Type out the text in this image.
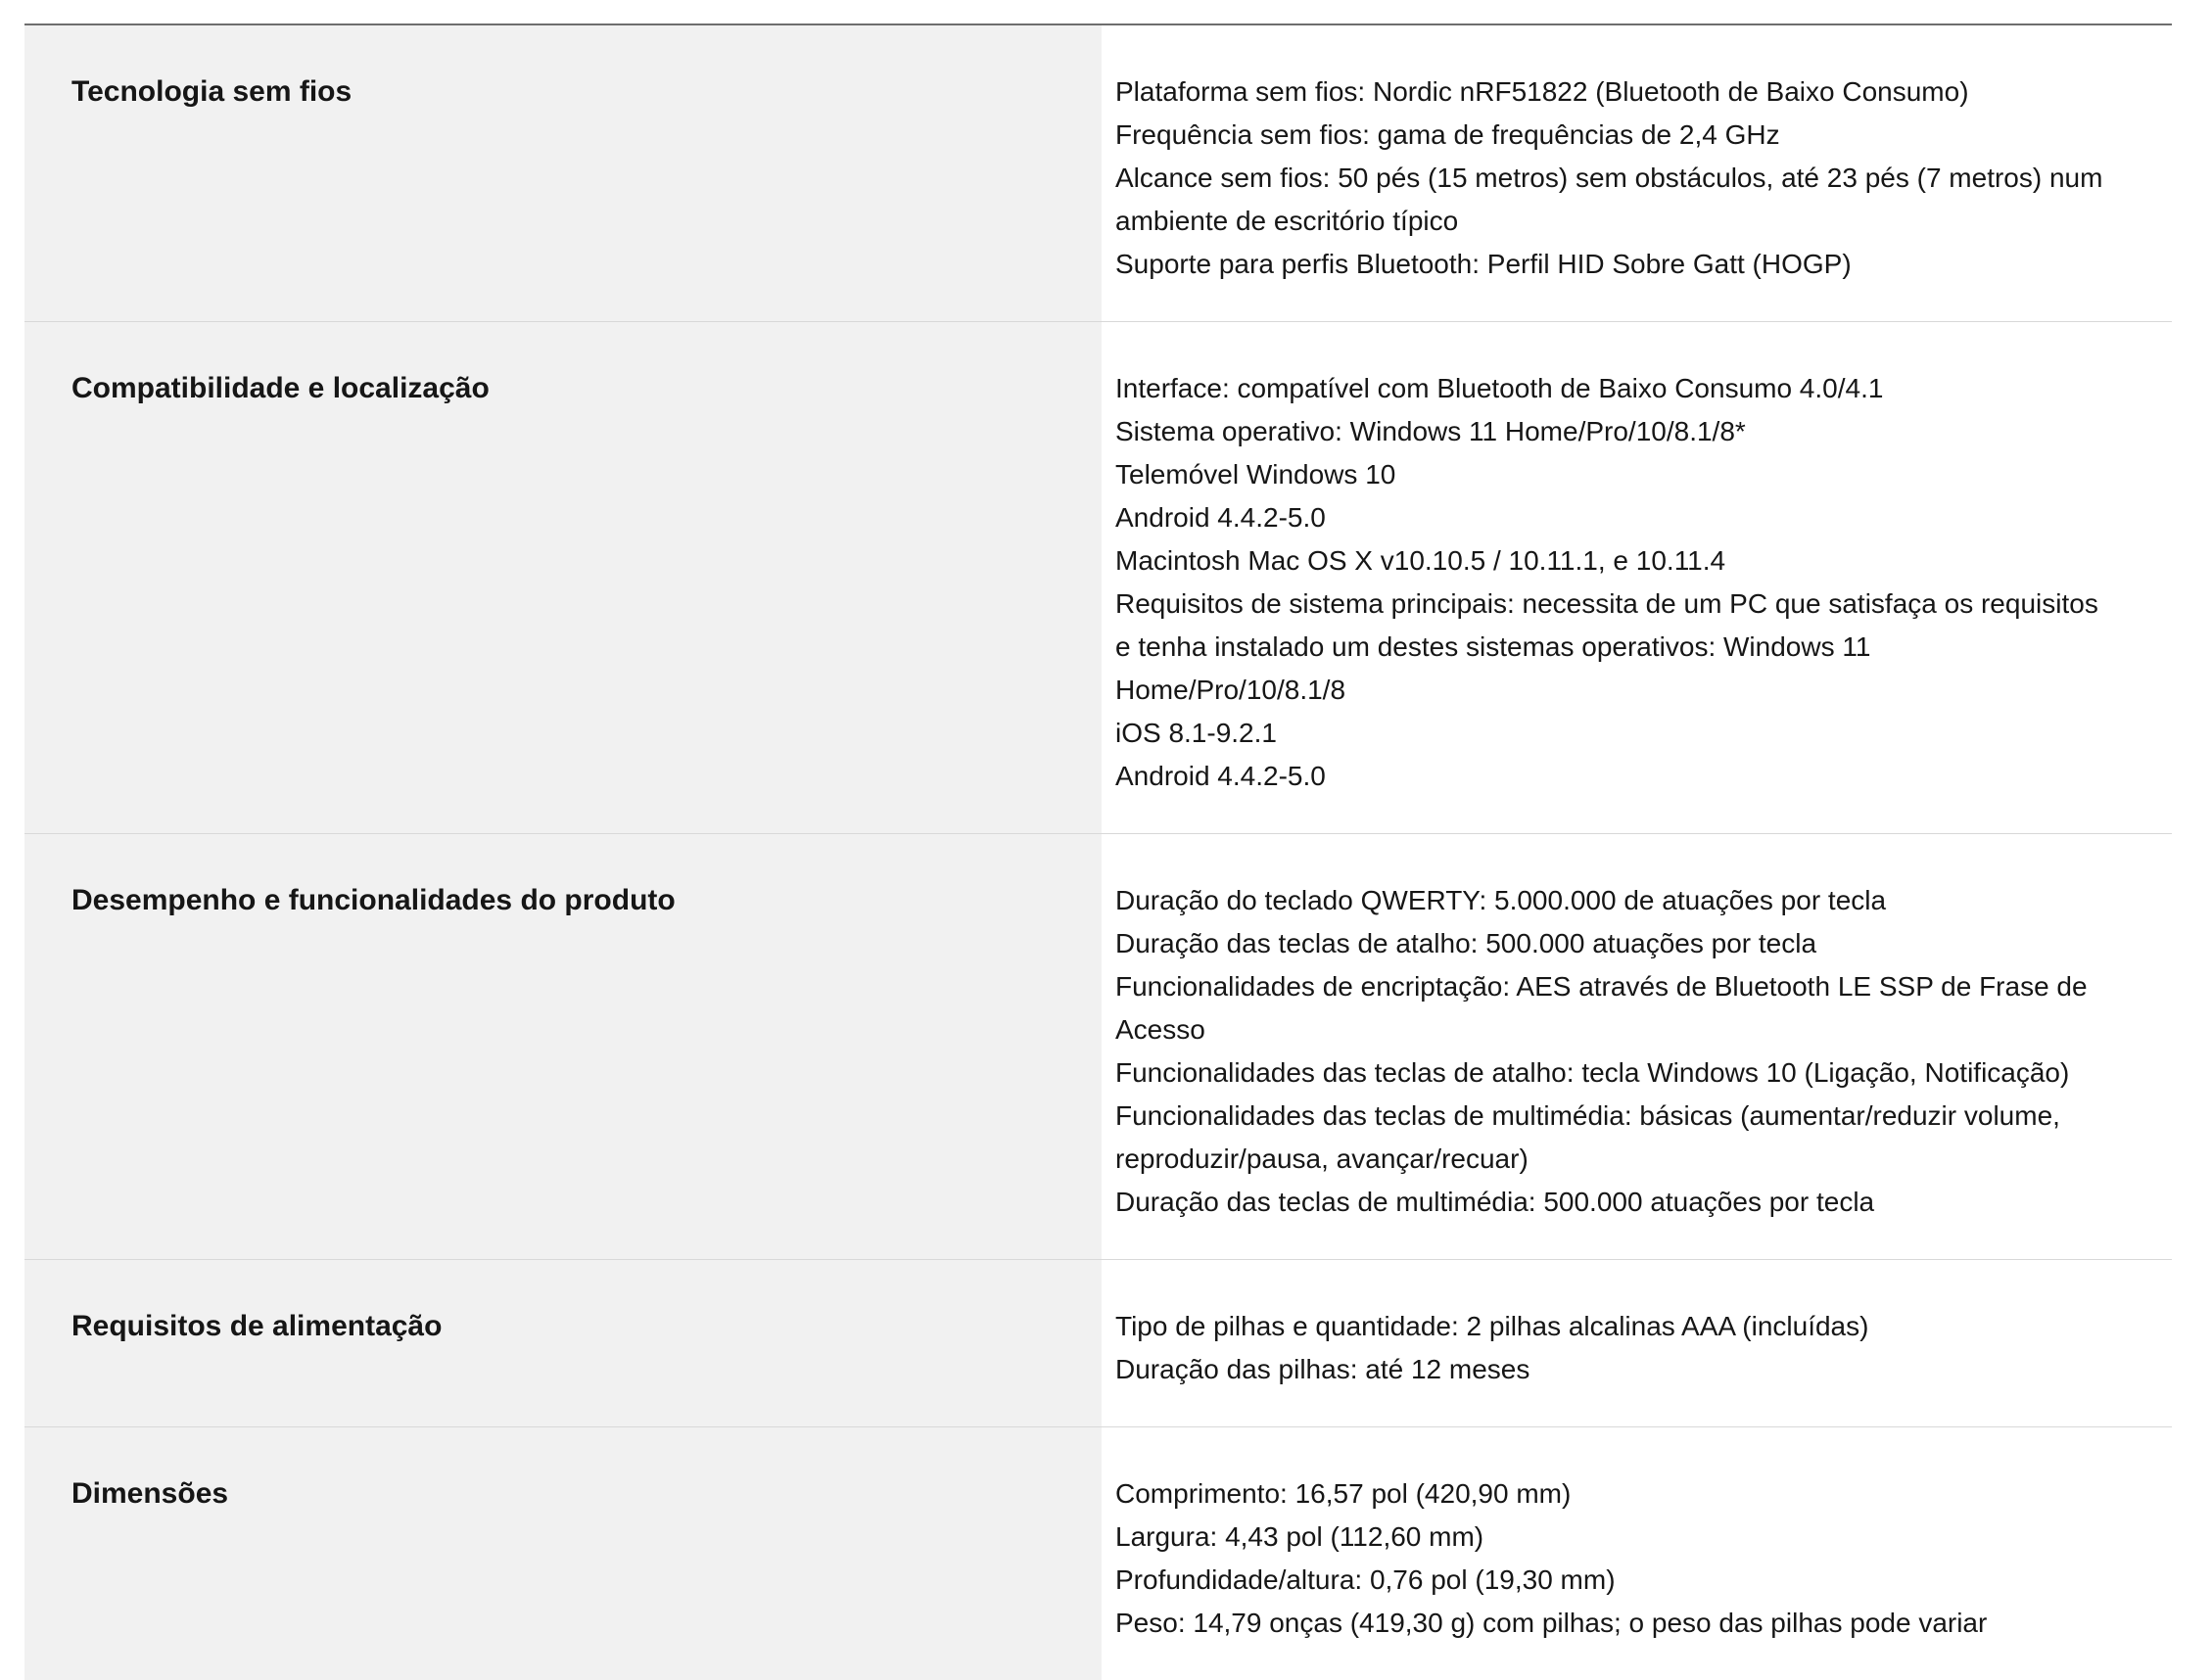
Tecnologia sem fios	Plataforma sem fios: Nordic nRF51822 (Bluetooth de Baixo Consumo)
Frequência sem fios: gama de frequências de 2,4 GHz
Alcance sem fios: 50 pés (15 metros) sem obstáculos, até 23 pés (7 metros) num
ambiente de escritório típico
Suporte para perfis Bluetooth: Perfil HID Sobre Gatt (HOGP)
Compatibilidade e localização	Interface: compatível com Bluetooth de Baixo Consumo 4.0/4.1
Sistema operativo: Windows 11 Home/Pro/10/8.1/8*
Telemóvel Windows 10
Android 4.4.2-5.0
Macintosh Mac OS X v10.10.5 / 10.11.1, e 10.11.4
Requisitos de sistema principais: necessita de um PC que satisfaça os requisitos
e tenha instalado um destes sistemas operativos: Windows 11
Home/Pro/10/8.1/8
iOS 8.1-9.2.1
Android 4.4.2-5.0
Desempenho e funcionalidades do produto	Duração do teclado QWERTY: 5.000.000 de atuações por tecla
Duração das teclas de atalho: 500.000 atuações por tecla
Funcionalidades de encriptação: AES através de Bluetooth LE SSP de Frase de
Acesso
Funcionalidades das teclas de atalho: tecla Windows 10 (Ligação, Notificação)
Funcionalidades das teclas de multimédia: básicas (aumentar/reduzir volume,
reproduzir/pausa, avançar/recuar)
Duração das teclas de multimédia: 500.000 atuações por tecla
Requisitos de alimentação	Tipo de pilhas e quantidade: 2 pilhas alcalinas AAA (incluídas)
Duração das pilhas: até 12 meses
Dimensões	Comprimento: 16,57 pol (420,90 mm)
Largura: 4,43 pol (112,60 mm)
Profundidade/altura: 0,76 pol (19,30 mm)
Peso: 14,79 onças (419,30 g) com pilhas; o peso das pilhas pode variar
